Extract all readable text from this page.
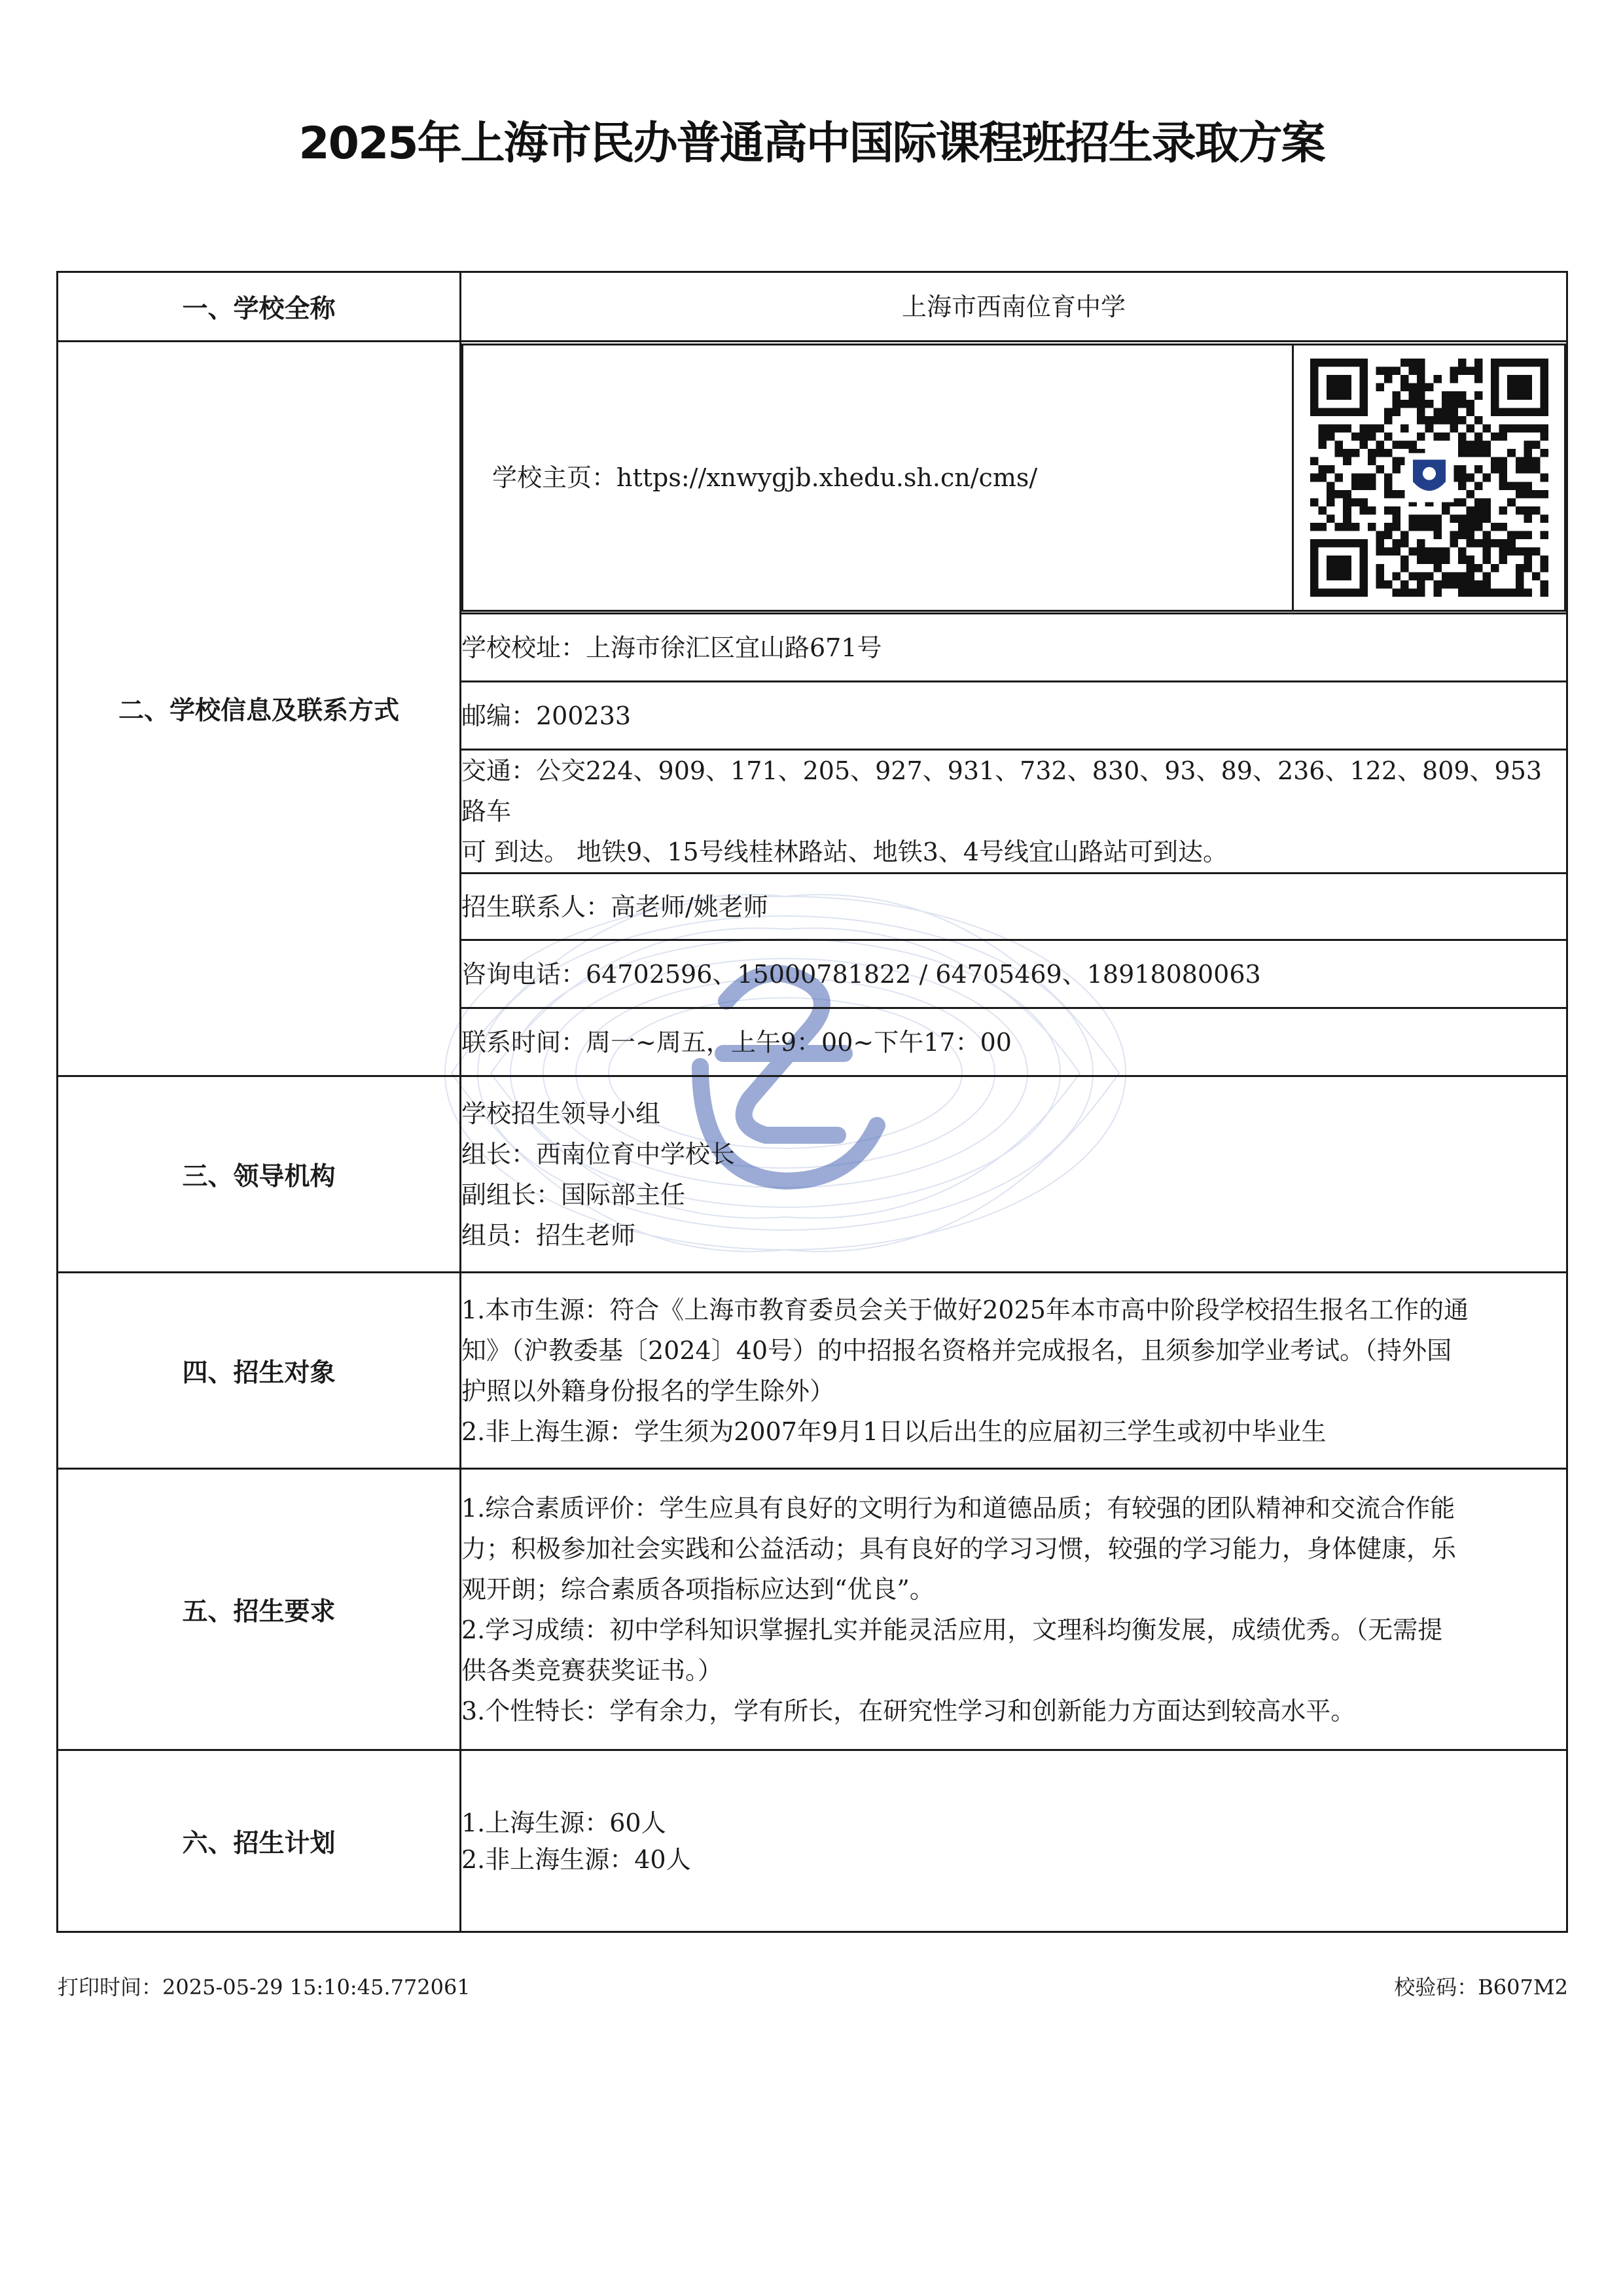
2025年上海市民办普通高中国际课程班招生录取方案
一、学校全称	上海市西南位育中学
二、学校信息及联系方式	
学校主页：https://xnwygjb.xhedu.sh.cn/cms/	

学校校址：上海市徐汇区宜山路671号
邮编：200233

交通：公交224、909、171、205、927、931、732、830、93、89、236、122、809、953路车
可 到达。 地铁9、15号线桂林路站、地铁3、4号线宜山路站可到达。

招生联系人：高老师/姚老师
咨询电话：64702596、15000781822 / 64705469、18918080063
联系时间：周一~周五，上午9：00~下午17：00
三、领导机构	
学校招生领导小组
组长：西南位育中学校长
副组长：国际部主任
组员：招生老师

四、招生对象	
1.本市生源：符合《上海市教育委员会关于做好2025年本市高中阶段学校招生报名工作的通
知》（沪教委基〔2024〕40号）的中招报名资格并完成报名，且须参加学业考试。（持外国
护照以外籍身份报名的学生除外）
2.非上海生源：学生须为2007年9月1日以后出生的应届初三学生或初中毕业生

五、招生要求	
1.综合素质评价：学生应具有良好的文明行为和道德品质；有较强的团队精神和交流合作能
力；积极参加社会实践和公益活动；具有良好的学习习惯，较强的学习能力，身体健康，乐
观开朗；综合素质各项指标应达到“优良”。
2.学习成绩：初中学科知识掌握扎实并能灵活应用，文理科均衡发展，成绩优秀。（无需提
供各类竞赛获奖证书。）
3.个性特长：学有余力，学有所长，在研究性学习和创新能力方面达到较高水平。

六、招生计划	
1.上海生源：60人
2.非上海生源：40人
打印时间：2025-05-29 15:10:45.772061	校验码：B607M2
